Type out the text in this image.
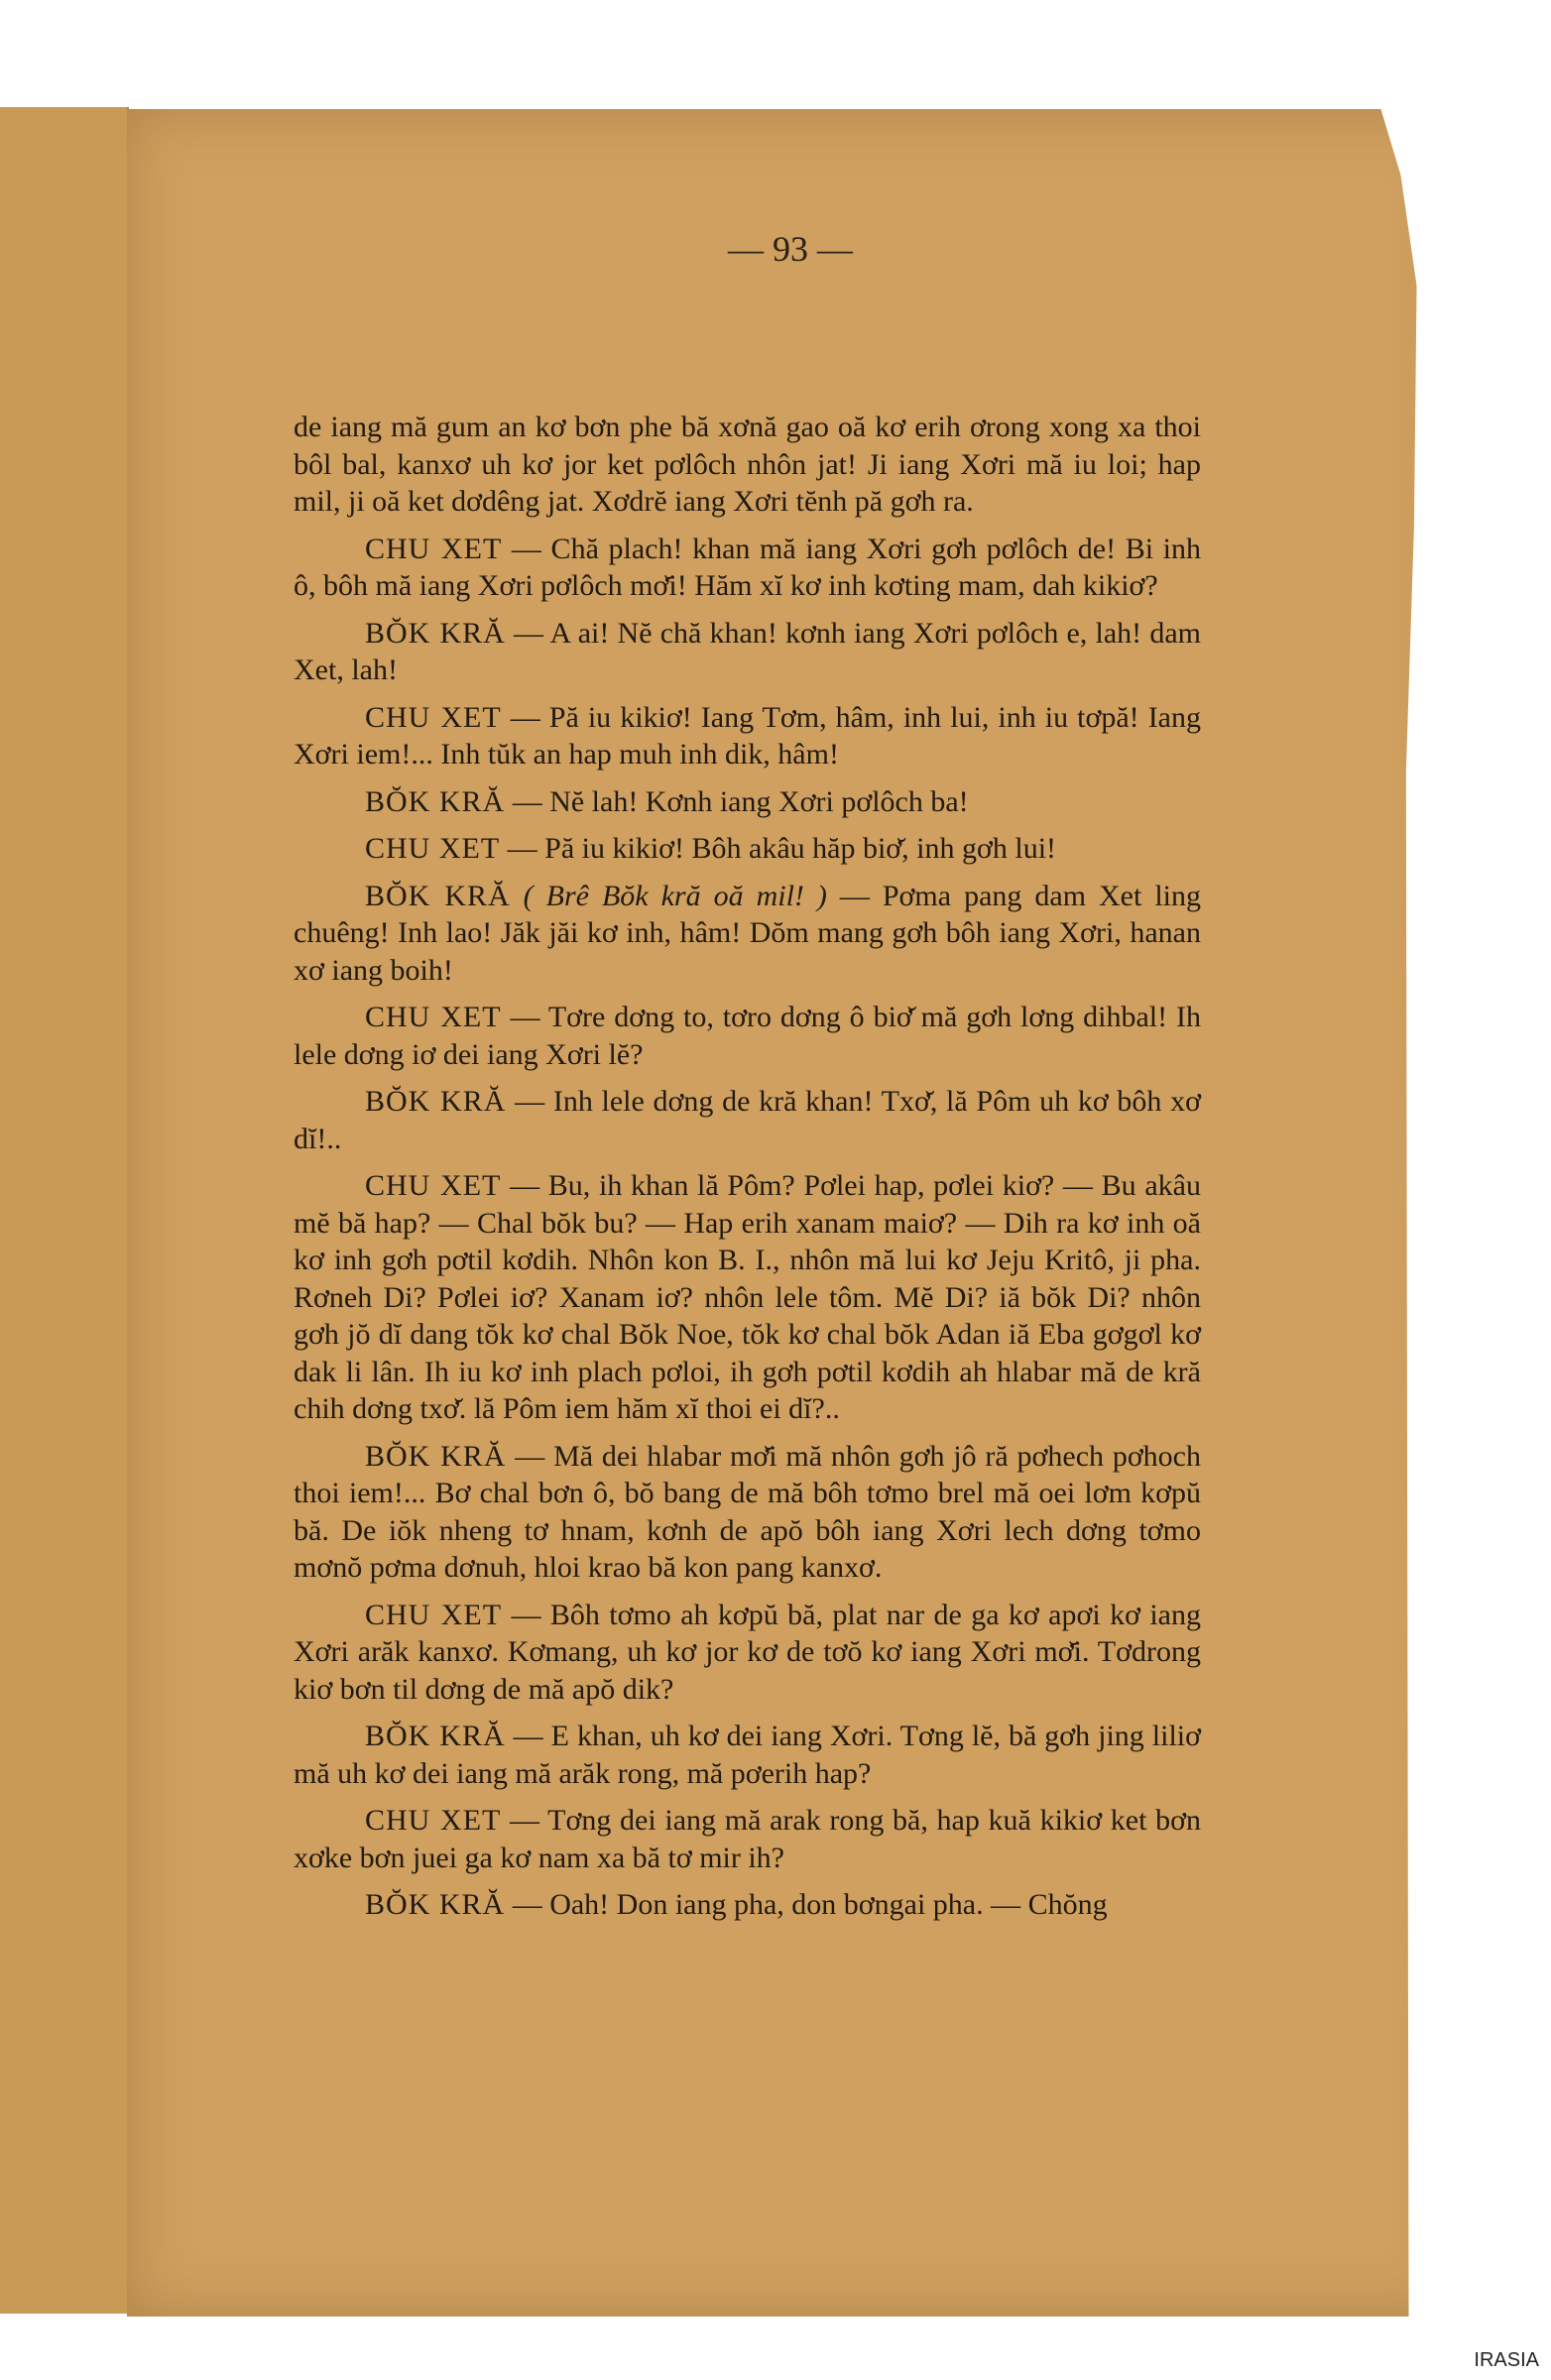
— 93 —

de iang mă gum an kơ bơn phe bă xơnă gao oă kơ erih ơrong xong xa thoi bôl bal, kanxơ uh kơ jor ket pơlôch nhôn jat! Ji iang Xơri mă iu loi; hap mil, ji oă ket dơdêng jat. Xơdrĕ iang Xơri tĕnh pă gơh ra.

CHU XET — Chă plach! khan mă iang Xơri gơh pơlôch de! Bi inh ô, bôh mă iang Xơri pơlôch mơ̆i! Hăm xĭ kơ inh kơting mam, dah kikiơ?

BŎK KRĂ — A ai! Nĕ chă khan! kơnh iang Xơri pơlôch e, lah! dam Xet, lah!

CHU XET — Pă iu kikiơ! Iang Tơm, hâm, inh lui, inh iu tơpă! Iang Xơri iem!... Inh tŭk an hap muh inh dik, hâm!

BŎK KRĂ — Nĕ lah! Kơnh iang Xơri pơlôch ba!

CHU XET — Pă iu kikiơ! Bôh akâu hăp biơ̆, inh gơh lui!

BŎK KRĂ ( Brê Bŏk kră oă mil! ) — Pơma pang dam Xet ling chuêng! Inh lao! Jăk jăi kơ inh, hâm! Dŏm mang gơh bôh iang Xơri, hanan xơ iang boih!

CHU XET — Tơre dơng to, tơro dơng ô biơ̆ mă gơh lơng dihbal! Ih lele dơng iơ dei iang Xơri lĕ?

BŎK KRĂ — Inh lele dơng de kră khan! Txơ̆, lă Pôm uh kơ bôh xơ dĭ!..

CHU XET — Bu, ih khan lă Pôm? Pơlei hap, pơlei kiơ? — Bu akâu mĕ bă hap? — Chal bŏk bu? — Hap erih xanam maiơ? — Dih ra kơ inh oă kơ inh gơh pơtil kơdih. Nhôn kon B. I., nhôn mă lui kơ Jeju Kritô, ji pha. Rơneh Di? Pơlei iơ? Xanam iơ? nhôn lele tôm. Mĕ Di? iă bŏk Di? nhôn gơh jŏ dĭ dang tŏk kơ chal Bŏk Noe, tŏk kơ chal bŏk Adan iă Eba gơgơl kơ dak li lân. Ih iu kơ inh plach pơloi, ih gơh pơtil kơdih ah hlabar mă de kră chih dơng txơ̆. lă Pôm iem hăm xĭ thoi ei dĭ?..

BŎK KRĂ — Mă dei hlabar mơ̆i mă nhôn gơh jô ră pơhech pơhoch thoi iem!... Bơ chal bơn ô, bŏ bang de mă bôh tơmo brel mă oei lơm kơpŭ bă. De iŏk nheng tơ hnam, kơnh de apŏ bôh iang Xơri lech dơng tơmo mơnŏ pơma dơnuh, hloi krao bă kon pang kanxơ.

CHU XET — Bôh tơmo ah kơpŭ bă, plat nar de ga kơ apơi kơ iang Xơri arăk kanxơ. Kơmang, uh kơ jor kơ de tơŏ kơ iang Xơri mơ̆i. Tơdrong kiơ bơn til dơng de mă apŏ dik?

BŎK KRĂ — E khan, uh kơ dei iang Xơri. Tơng lĕ, bă gơh jing liliơ mă uh kơ dei iang mă arăk rong, mă pơerih hap?

CHU XET — Tơng dei iang mă arak rong bă, hap kuă kikiơ ket bơn xơke bơn juei ga kơ nam xa bă tơ mir ih?

BŎK KRĂ — Oah! Don iang pha, don bơngai pha. — Chŏng

IRASIA
